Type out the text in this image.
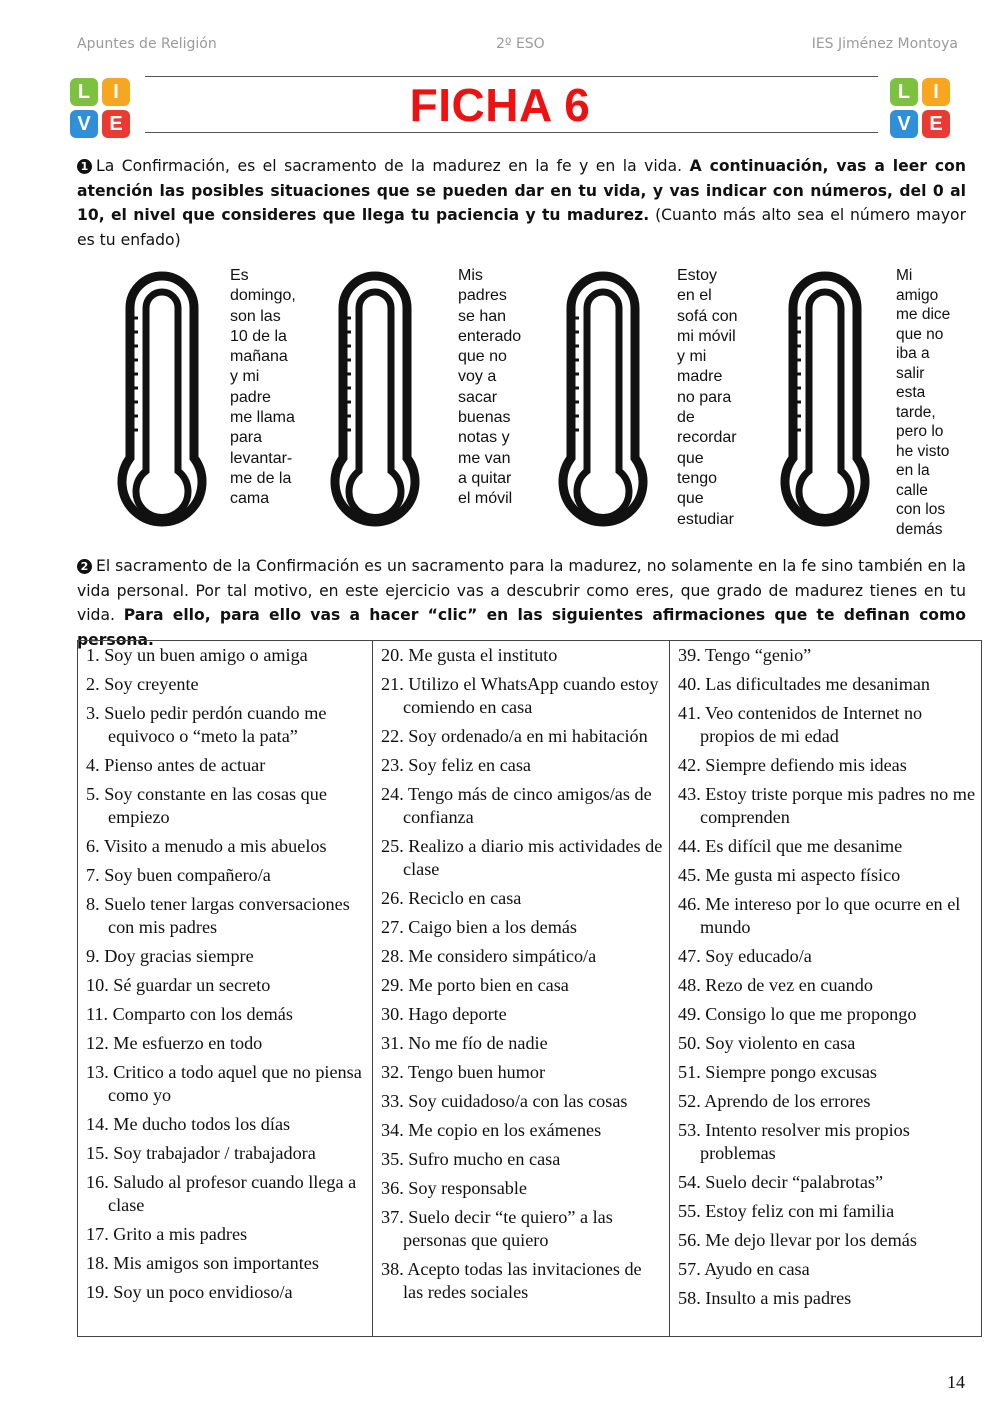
Apuntes de Religión	2º ESO	IES Jiménez Montoya
L	I
V E
L	I
V E
FICHA 6
1 La Confirmación, es el sacramento de la madurez en la fe y en la vida. A continuación, vas a leer con atención las posibles situaciones que se pueden dar en tu vida, y vas indicar con números, del 0 al 10, el nivel que consideres que llega tu paciencia y tu madurez. (Cuanto más alto sea el número mayor es tu enfado)
Es
domingo,
son las
10 de la
mañana
y mi
padre
me llama
para
levantar-
me de la
cama
Mis
padres
se han
enterado
que no
voy a
sacar
buenas
notas y
me van
a quitar
el móvil
Estoy
en el
sofá con
mi móvil
y mi
madre
no para
de
recordar
que
tengo
que
estudiar
Mi
amigo
me dice
que no
iba a
salir
esta
tarde,
pero lo
he visto
en la
calle
con los
demás
2 El sacramento de la Confirmación es un sacramento para la madurez, no solamente en la fe sino también en la vida personal. Por tal motivo, en este ejercicio vas a descubrir como eres, que grado de madurez tienes en tu vida. Para ello, para ello vas a hacer “clic” en las siguientes afirmaciones que te definan como persona.
1. Soy un buen amigo o amiga
2. Soy creyente
3. Suelo pedir perdón cuando me equivoco o “meto la pata”
4. Pienso antes de actuar
5. Soy constante en las cosas que empiezo
6. Visito a menudo a mis abuelos
7. Soy buen compañero/a
8. Suelo tener largas conversaciones con mis padres
9. Doy gracias siempre
10. Sé guardar un secreto
11. Comparto con los demás
12. Me esfuerzo en todo
13. Critico a todo aquel que no piensa como yo
14. Me ducho todos los días
15. Soy trabajador / trabajadora
16. Saludo al profesor cuando llega a clase
17. Grito a mis padres
18. Mis amigos son importantes
19. Soy un poco envidioso/a

20. Me gusta el instituto
21. Utilizo el WhatsApp cuando estoy comiendo en casa
22. Soy ordenado/a en mi habitación
23. Soy feliz en casa
24. Tengo más de cinco amigos/as de confianza
25. Realizo a diario mis actividades de clase
26. Reciclo en casa
27. Caigo bien a los demás
28. Me considero simpático/a
29. Me porto bien en casa
30. Hago deporte
31. No me fío de nadie
32. Tengo buen humor
33. Soy cuidadoso/a con las cosas
34. Me copio en los exámenes
35. Sufro mucho en casa
36. Soy responsable
37. Suelo decir “te quiero” a las personas que quiero
38. Acepto todas las invitaciones de las redes sociales

39. Tengo “genio”
40. Las dificultades me desaniman
41. Veo contenidos de Internet no propios de mi edad
42. Siempre defiendo mis ideas
43. Estoy triste porque mis padres no me comprenden
44. Es difícil que me desanime
45. Me gusta mi aspecto físico
46. Me intereso por lo que ocurre en el mundo
47. Soy educado/a
48. Rezo de vez en cuando
49. Consigo lo que me propongo
50. Soy violento en casa
51. Siempre pongo excusas
52. Aprendo de los errores
53. Intento resolver mis propios problemas
54. Suelo decir “palabrotas”
55. Estoy feliz con mi familia
56. Me dejo llevar por los demás
57. Ayudo en casa
58. Insulto a mis padres
14
